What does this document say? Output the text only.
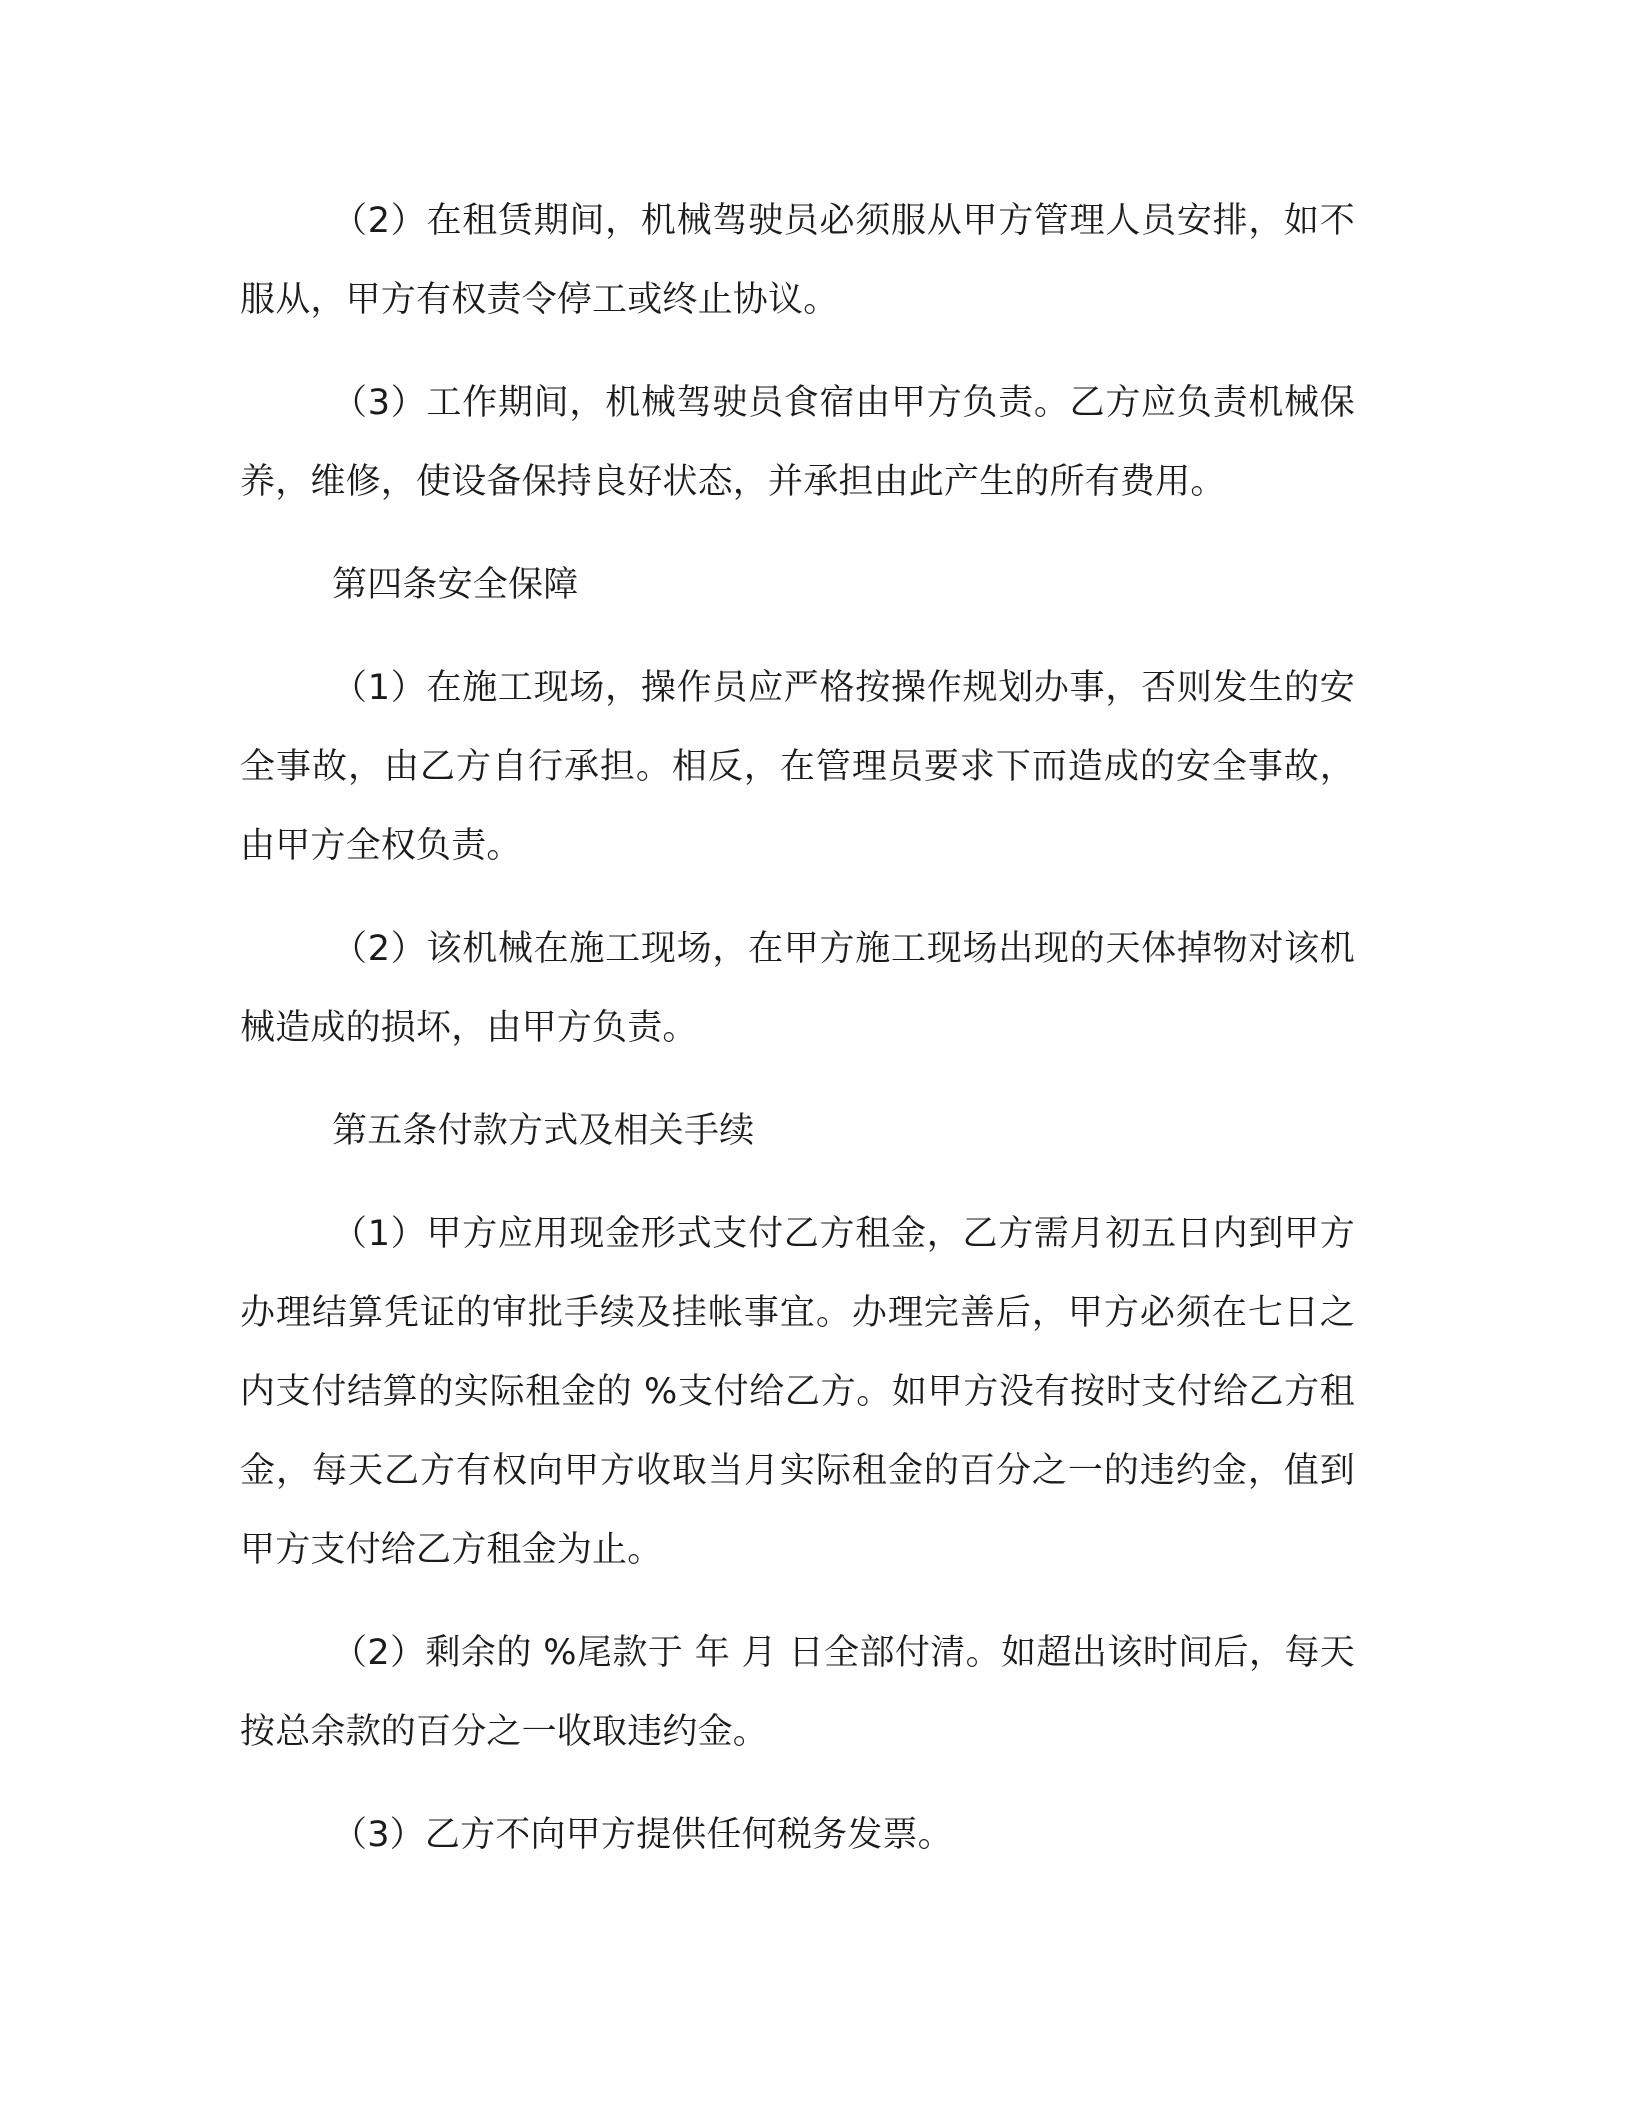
（2）在租赁期间，机械驾驶员必须服从甲方管理人员安排，如不服从，甲方有权责令停工或终止协议。

（3）工作期间，机械驾驶员食宿由甲方负责。乙方应负责机械保养，维修，使设备保持良好状态，并承担由此产生的所有费用。

第四条安全保障

（1）在施工现场，操作员应严格按操作规划办事，否则发生的安全事故，由乙方自行承担。相反，在管理员要求下而造成的安全事故，由甲方全权负责。

（2）该机械在施工现场，在甲方施工现场出现的天体掉物对该机械造成的损坏，由甲方负责。

第五条付款方式及相关手续

（1）甲方应用现金形式支付乙方租金，乙方需月初五日内到甲方办理结算凭证的审批手续及挂帐事宜。办理完善后，甲方必须在七日之内支付结算的实际租金的 %支付给乙方。如甲方没有按时支付给乙方租金，每天乙方有权向甲方收取当月实际租金的百分之一的违约金，值到甲方支付给乙方租金为止。

（2）剩余的 %尾款于 年 月 日全部付清。如超出该时间后，每天按总余款的百分之一收取违约金。

（3）乙方不向甲方提供任何税务发票。
